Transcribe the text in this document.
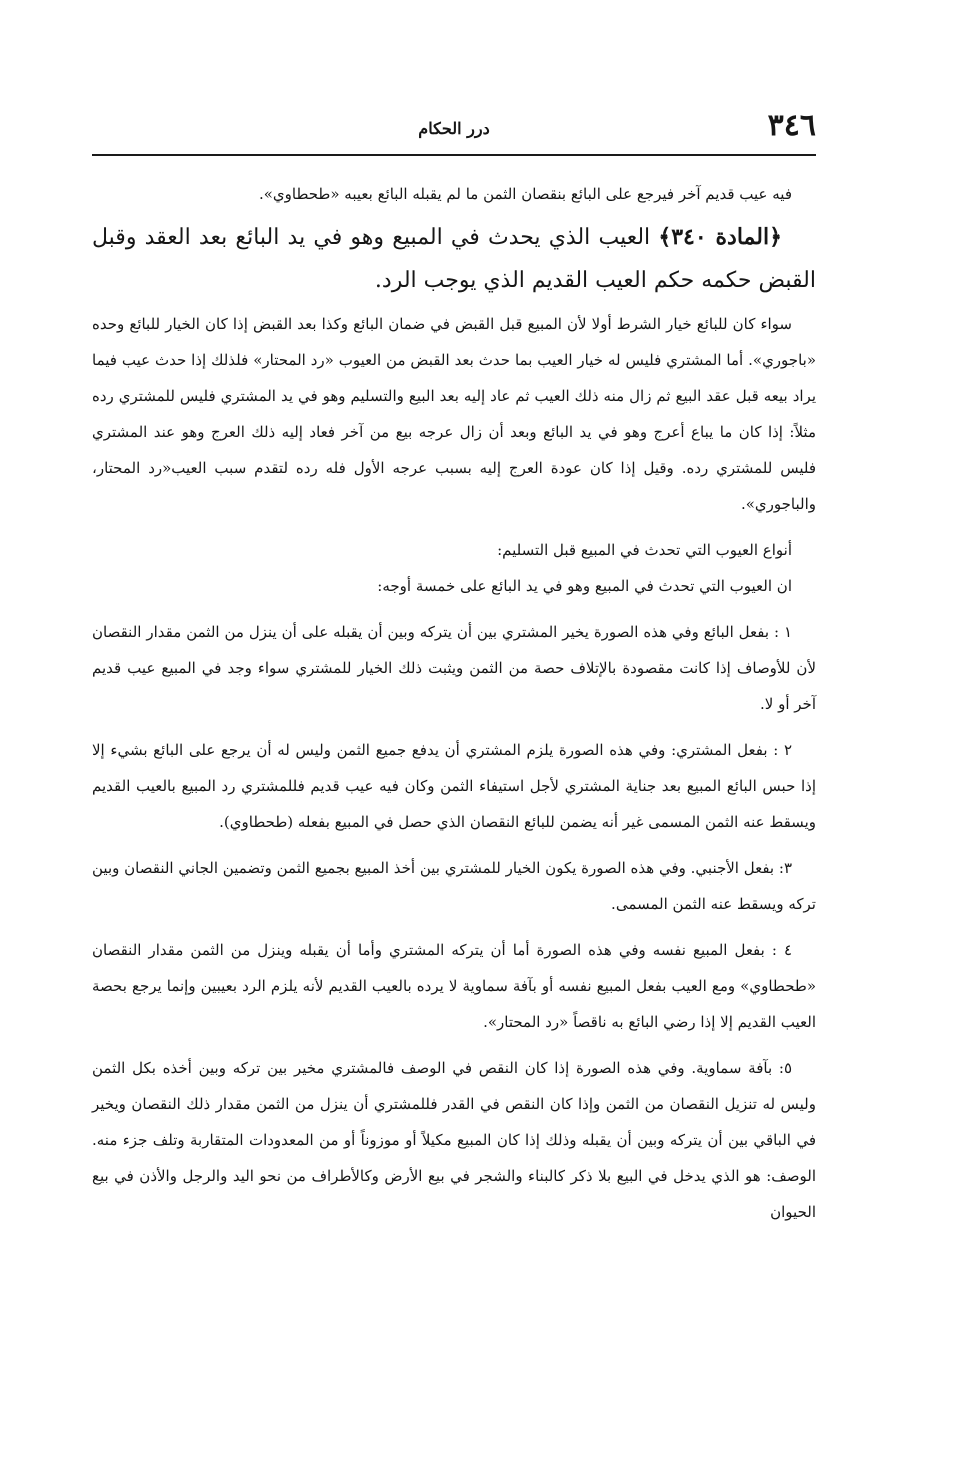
٣٤٦
درر الحكام

فيه عيب قديم آخر فيرجع على البائع بنقصان الثمن ما لم يقبله البائع بعيبه «طحطاوي».

﴿المادة ٣٤٠﴾ العيب الذي يحدث في المبيع وهو في يد البائع بعد العقد وقبل القبض حكمه حكم العيب القديم الذي يوجب الرد.

سواء كان للبائع خيار الشرط أولا لأن المبيع قبل القبض في ضمان البائع وكذا بعد القبض إذا كان الخيار للبائع وحده «باجوري». أما المشتري فليس له خيار العيب بما حدث بعد القبض من العيوب «رد المحتار» فلذلك إذا حدث عيب فيما يراد بيعه قبل عقد البيع ثم زال منه ذلك العيب ثم عاد إليه بعد البيع والتسليم وهو في يد المشتري فليس للمشتري رده مثلاً: إذا كان ما يباع أعرج وهو في يد البائع وبعد أن زال عرجه بيع من آخر فعاد إليه ذلك العرج وهو عند المشتري فليس للمشتري رده. وقيل إذا كان عودة العرج إليه بسبب عرجه الأول فله رده لتقدم سبب العيب«رد المحتار، والباجوري».

أنواع العيوب التي تحدث في المبيع قبل التسليم:

ان العيوب التي تحدث في المبيع وهو في يد البائع على خمسة أوجه:

١ : بفعل البائع وفي هذه الصورة يخير المشتري بين أن يتركه وبين أن يقبله على أن ينزل من الثمن مقدار النقصان لأن للأوصاف إذا كانت مقصودة بالإتلاف حصة من الثمن ويثبت ذلك الخيار للمشتري سواء وجد في المبيع عيب قديم آخر أو لا.

٢ : بفعل المشتري: وفي هذه الصورة يلزم المشتري أن يدفع جميع الثمن وليس له أن يرجع على البائع بشيء إلا إذا حبس البائع المبيع بعد جناية المشتري لأجل استيفاء الثمن وكان فيه عيب قديم فللمشتري رد المبيع بالعيب القديم ويسقط عنه الثمن المسمى غير أنه يضمن للبائع النقصان الذي حصل في المبيع بفعله (طحطاوي).

٣: بفعل الأجنبي. وفي هذه الصورة يكون الخيار للمشتري بين أخذ المبيع بجميع الثمن وتضمين الجاني النقصان وبين تركه ويسقط عنه الثمن المسمى.

٤ : بفعل المبيع نفسه وفي هذه الصورة أما أن يتركه المشتري وأما أن يقبله وينزل من الثمن مقدار النقصان «طحطاوي» ومع العيب بفعل المبيع نفسه أو بآفة سماوية لا يرده بالعيب القديم لأنه يلزم الرد بعيبين وإنما يرجع بحصة العيب القديم إلا إذا رضي البائع به ناقصاً «رد المحتار».

٥: بآفة سماوية. وفي هذه الصورة إذا كان النقص في الوصف فالمشتري مخير بين تركه وبين أخذه بكل الثمن وليس له تنزيل النقصان من الثمن وإذا كان النقص في القدر فللمشتري أن ينزل من الثمن مقدار ذلك النقصان ويخير في الباقي بين أن يتركه وبين أن يقبله وذلك إذا كان المبيع مكيلاً أو موزوناً أو من المعدودات المتقاربة وتلف جزء منه. الوصف: هو الذي يدخل في البيع بلا ذكر كالبناء والشجر في بيع الأرض وكالأطراف من نحو اليد والرجل والأذن في بيع الحيوان
